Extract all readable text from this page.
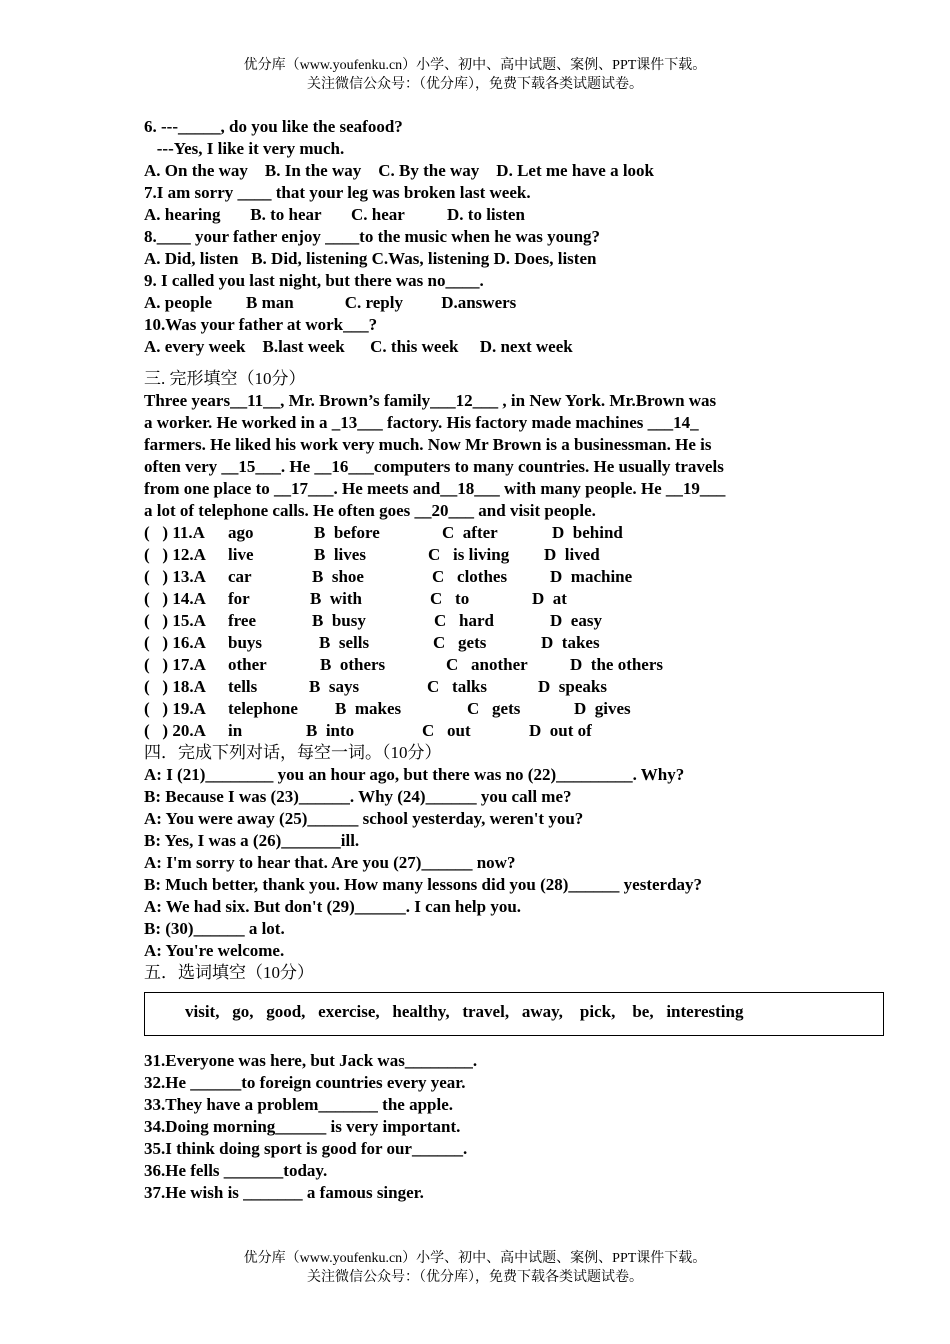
优分库（www.youfenku.cn）小学、初中、高中试题、案例、PPT课件下载。
关注微信公众号：（优分库），免费下载各类试题试卷。
6. ---_____, do you like the seafood?
---Yes, I like it very much.
A. On the way    B. In the way    C. By the way    D. Let me have a look
7.I am sorry ____ that your leg was broken last week.
A. hearing       B. to hear       C. hear          D. to listen
8.____ your father enjoy ____to the music when he was young?
A. Did, listen   B. Did, listening C.Was, listening D. Does, listen
9. I called you last night, but there was no____.
A. people        B man            C. reply         D.answers
10.Was your father at work___?
A. every week    B.last week      C. this week     D. next week
三. 完形填空（10分）
Three years__11__, Mr. Brown’s family___12___ , in New York. Mr.Brown was
a worker. He worked in a _13___ factory. His factory made machines ___14_
farmers. He liked his work very much. Now Mr Brown is a businessman. He is
often very __15___. He __16___computers to many countries. He usually travels
from one place to __17___. He meets and__18___ with many people. He __19___
a lot of telephone calls. He often goes __20___ and visit people.
(   ) 11.A ago	B  before	C  after	D  behind
(   ) 12.A live	B  lives	C   is living D  lived
(   ) 13.A car	B  shoe	C   clothes	D  machine
(   ) 14.A for	B  with	C   to	D  at
(   ) 15.A free	B  busy	C   hard	D  easy
(   ) 16.A buys	B  sells	C   gets	D  takes
(   ) 17.A other	B  others	C   another D  the others
(   ) 18.A tells	B  says	C   talks	D  speaks
(   ) 19.A telephone B  makes	C   gets	D  gives
(   ) 20.A in	B  into	C   out	D  out of
四．完成下列对话，每空一词。（10分）
A: I (21)________ you an hour ago, but there was no (22)_________. Why?
B: Because I was (23)______. Why (24)______ you call me?
A: You were away (25)______ school yesterday, weren't you?
B: Yes, I was a (26)_______ill.
A: I'm sorry to hear that. Are you (27)______ now?
B: Much better, thank you. How many lessons did you (28)______ yesterday?
A: We had six. But don't (29)______. I can help you.
B: (30)______ a lot.
A: You're welcome.
五．选词填空（10分）
visit,   go,   good,   exercise,   healthy,   travel,   away,    pick,    be,   interesting
31.Everyone was here, but Jack was________.
32.He ______to foreign countries every year.
33.They have a problem_______ the apple.
34.Doing morning______ is very important.
35.I think doing sport is good for our______.
36.He fells _______today.
37.He wish is _______ a famous singer.
优分库（www.youfenku.cn）小学、初中、高中试题、案例、PPT课件下载。
关注微信公众号：（优分库），免费下载各类试题试卷。
